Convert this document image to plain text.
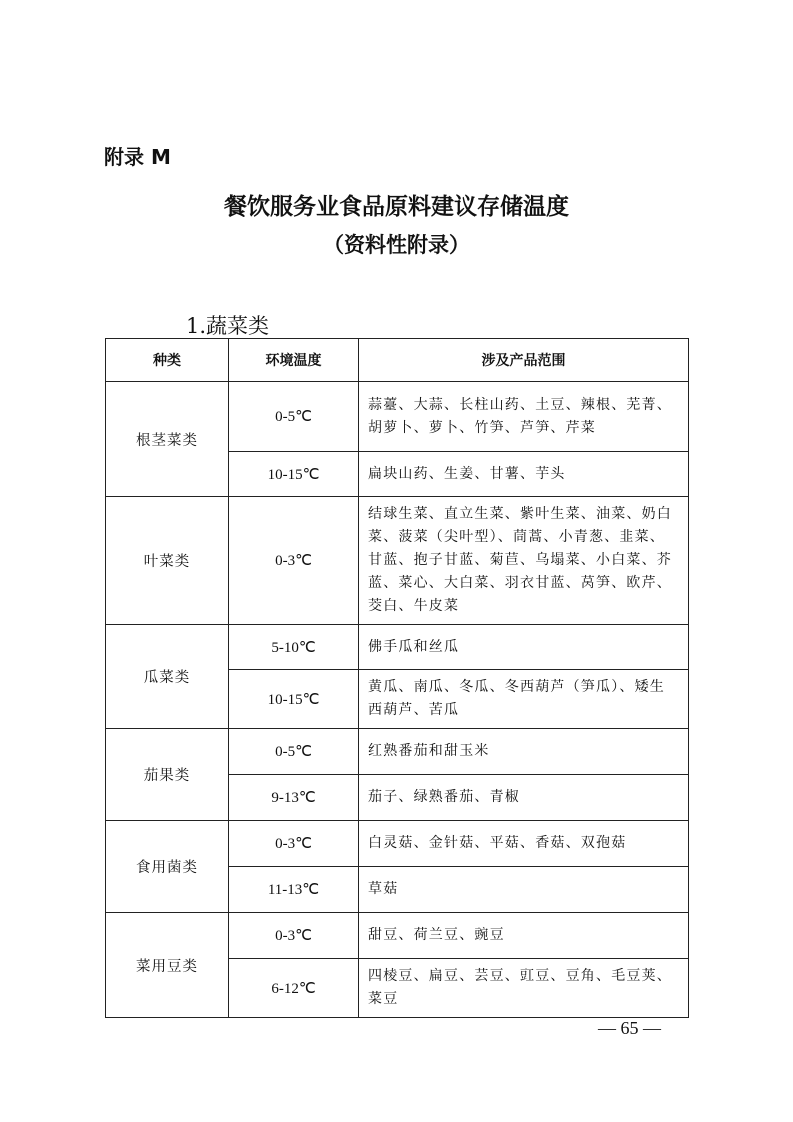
附录 M
餐饮服务业食品原料建议存储温度
（资料性附录）
1.蔬菜类
种类	环境温度	涉及产品范围
根茎菜类	0-5℃	蒜薹、大蒜、长柱山药、土豆、辣根、芜菁、胡萝卜、萝卜、竹笋、芦笋、芹菜
	10-15℃	扁块山药、生姜、甘薯、芋头
叶菜类	0-3℃	结球生菜、直立生菜、紫叶生菜、油菜、奶白菜、菠菜（尖叶型）、茼蒿、小青葱、韭菜、甘蓝、抱子甘蓝、菊苣、乌塌菜、小白菜、芥蓝、菜心、大白菜、羽衣甘蓝、莴笋、欧芹、茭白、牛皮菜
瓜菜类	5-10℃	佛手瓜和丝瓜
	10-15℃	黄瓜、南瓜、冬瓜、冬西葫芦（笋瓜）、矮生西葫芦、苦瓜
茄果类	0-5℃	红熟番茄和甜玉米
	9-13℃	茄子、绿熟番茄、青椒
食用菌类	0-3℃	白灵菇、金针菇、平菇、香菇、双孢菇
	11-13℃	草菇
菜用豆类	0-3℃	甜豆、荷兰豆、豌豆
	6-12℃	四棱豆、扁豆、芸豆、豇豆、豆角、毛豆荚、菜豆
— 65 —
